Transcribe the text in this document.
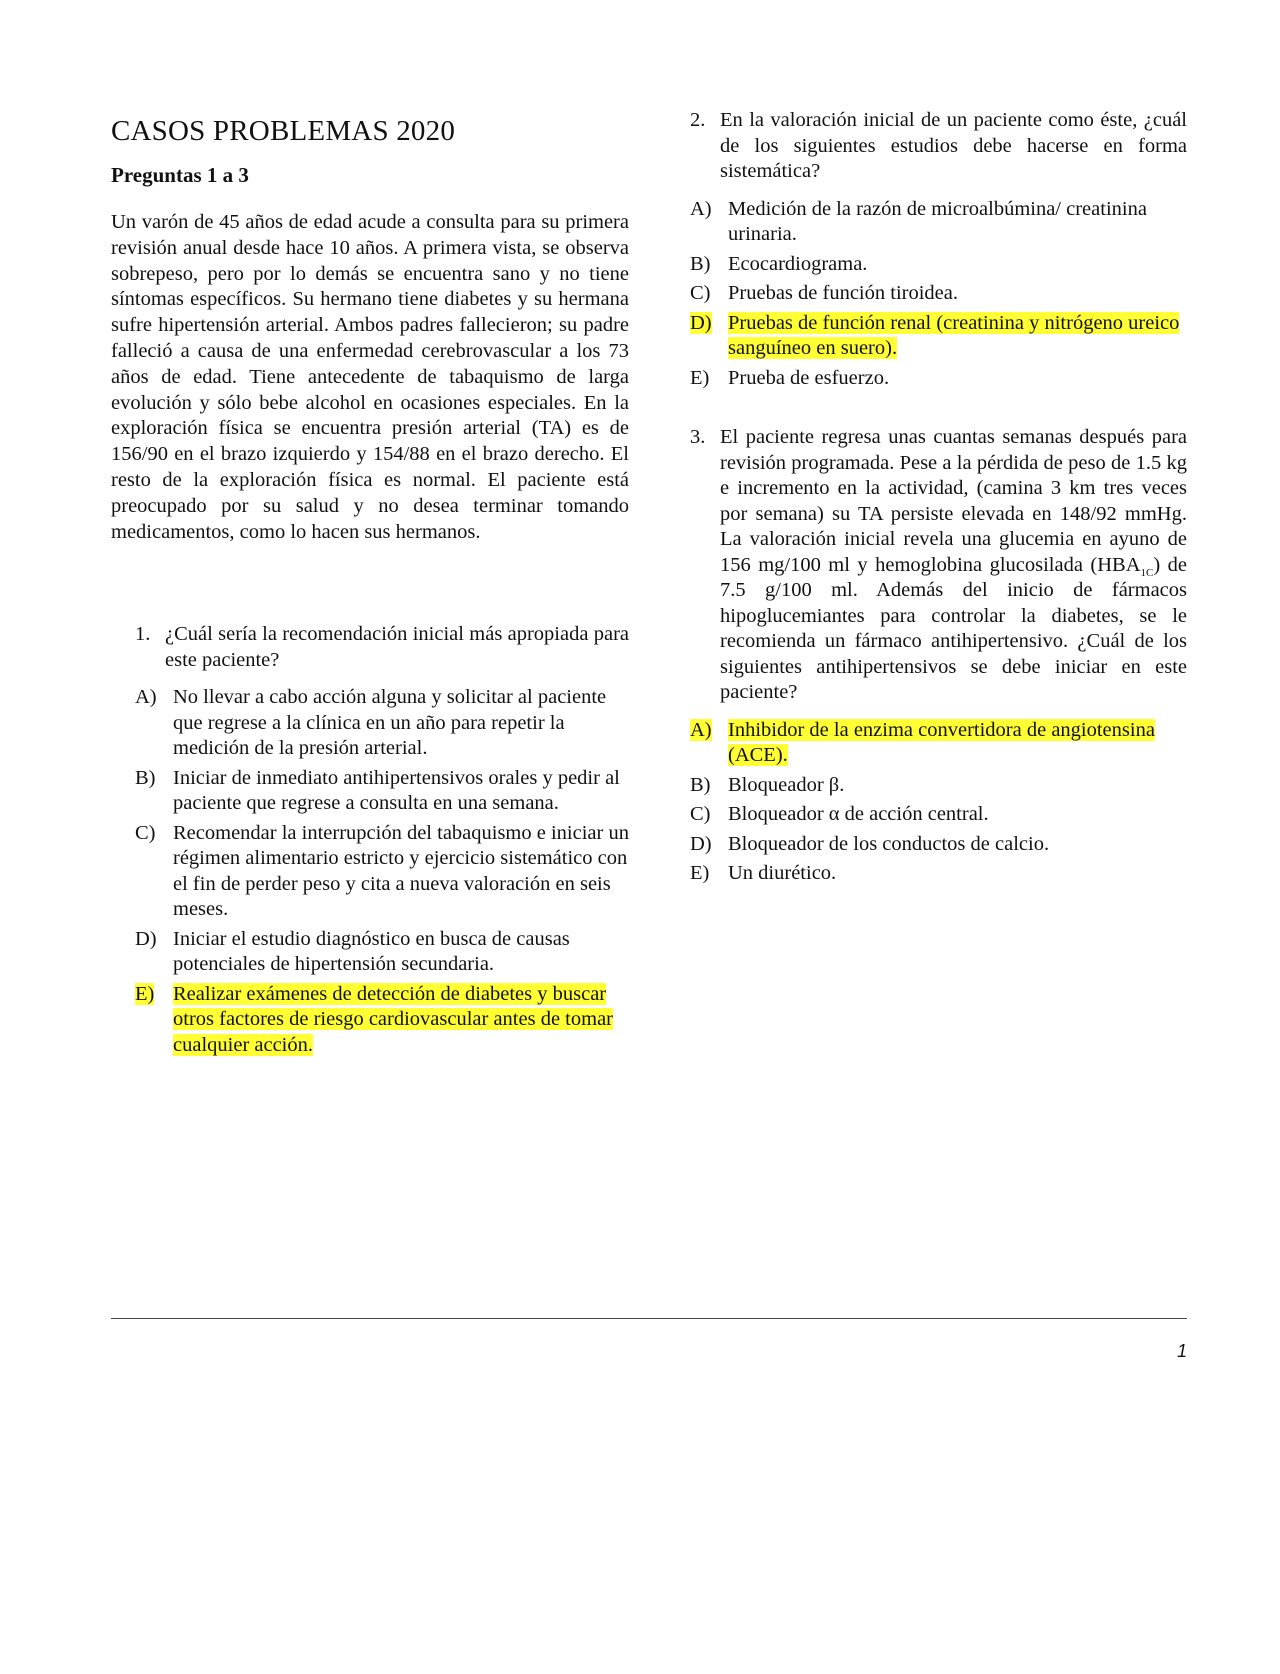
CASOS PROBLEMAS 2020
Preguntas 1 a 3
Un varón de 45 años de edad acude a consulta para su primera revisión anual desde hace 10 años. A primera vista, se observa sobrepeso, pero por lo demás se encuentra sano y no tiene síntomas específicos. Su hermano tiene diabetes y su hermana sufre hipertensión arterial. Ambos padres fallecieron; su padre falleció a causa de una enfermedad cerebrovascular a los 73 años de edad. Tiene antecedente de tabaquismo de larga evolución y sólo bebe alcohol en ocasiones especiales. En la exploración física se encuentra presión arterial (TA) es de 156/90 en el brazo izquierdo y 154/88 en el brazo derecho. El resto de la exploración física es normal. El paciente está preocupado por su salud y no desea terminar tomando medicamentos, como lo hacen sus hermanos.
1. ¿Cuál sería la recomendación inicial más apropiada para este paciente?
A) No llevar a cabo acción alguna y solicitar al paciente que regrese a la clínica en un año para repetir la medición de la presión arterial.
B) Iniciar de inmediato antihipertensivos orales y pedir al paciente que regrese a consulta en una semana.
C) Recomendar la interrupción del tabaquismo e iniciar un régimen alimentario estricto y ejercicio sistemático con el fin de perder peso y cita a nueva valoración en seis meses.
D) Iniciar el estudio diagnóstico en busca de causas potenciales de hipertensión secundaria.
E) Realizar exámenes de detección de diabetes y buscar otros factores de riesgo cardiovascular antes de tomar cualquier acción.
2. En la valoración inicial de un paciente como éste, ¿cuál de los siguientes estudios debe hacerse en forma sistemática?
A) Medición de la razón de microalbúmina/ creatinina urinaria.
B) Ecocardiograma.
C) Pruebas de función tiroidea.
D) Pruebas de función renal (creatinina y nitrógeno ureico sanguíneo en suero).
E) Prueba de esfuerzo.
3. El paciente regresa unas cuantas semanas después para revisión programada. Pese a la pérdida de peso de 1.5 kg e incremento en la actividad, (camina 3 km tres veces por semana) su TA persiste elevada en 148/92 mmHg. La valoración inicial revela una glucemia en ayuno de 156 mg/100 ml y hemoglobina glucosilada $(HBA_{1C})$ de 7.5 g/100 ml. Además del inicio de fármacos hipoglucemiantes para controlar la diabetes, se le recomienda un fármaco antihipertensivo. ¿Cuál de los siguientes antihipertensivos se debe iniciar en este paciente?
A) Inhibidor de la enzima convertidora de angiotensina (ACE).
B) Bloqueador β.
C) Bloqueador α de acción central.
D) Bloqueador de los conductos de calcio.
E) Un diurético.
1
